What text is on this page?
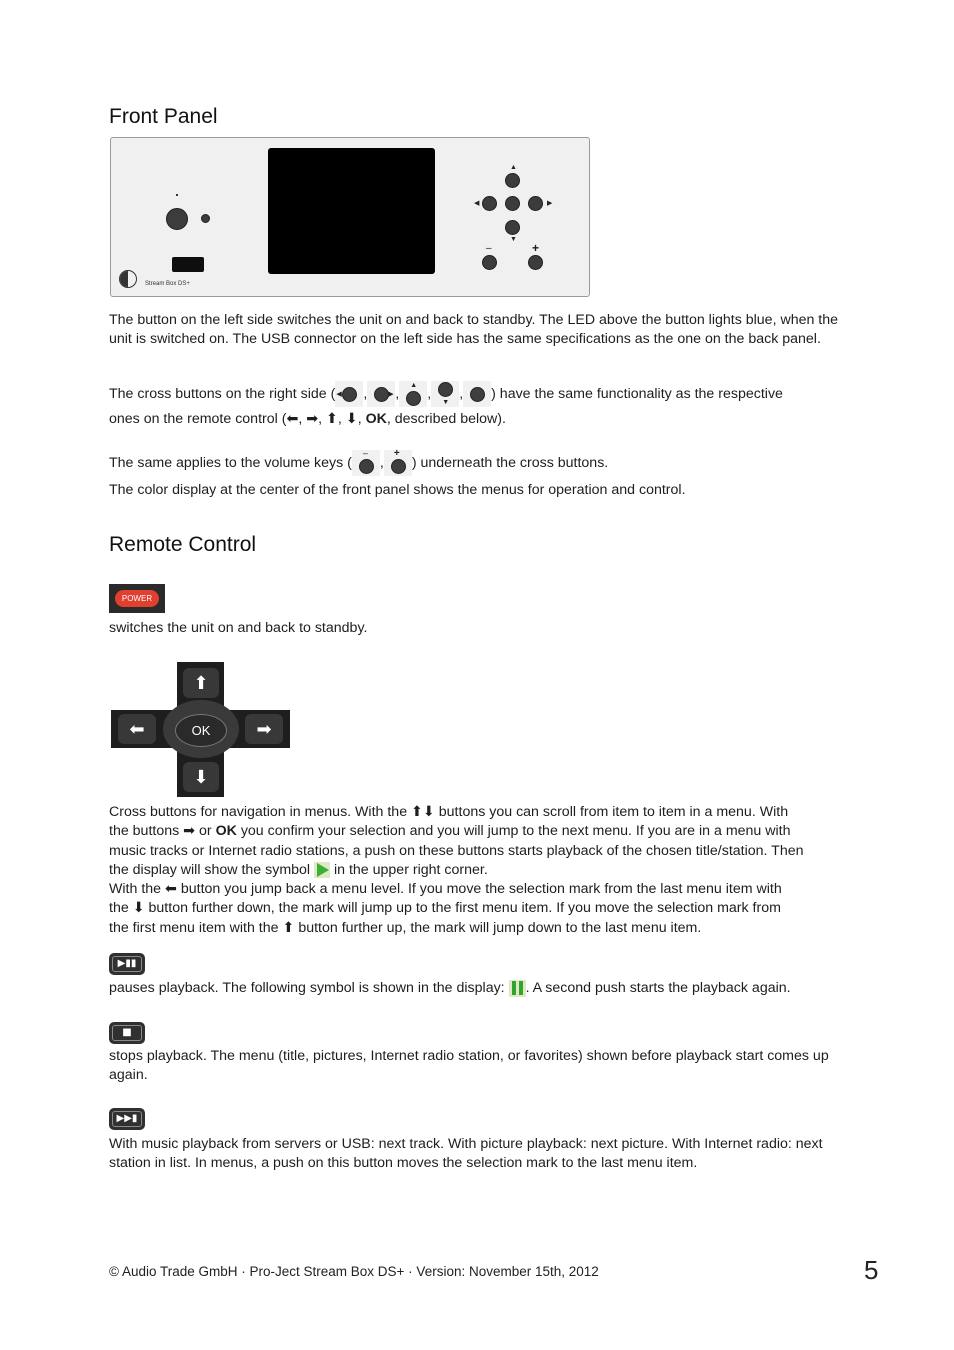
Front Panel
Stream Box DS+
▲
◀	▶
▼
–	+
The button on the left side switches the unit on and back to standby. The LED above the button lights blue, when the unit is switched on. The USB connector on the left side has the same specifications as the one on the back panel.
The cross buttons on the right side ( ◀ ,	▶ ,
▲
,
▼
, ) have the same functionality as the respective
ones on the remote control (⬅, ➡, ⬆, ⬇, OK, described below).
The same applies to the volume keys (
–
,
+
) underneath the cross buttons.
The color display at the center of the front panel shows the menus for operation and control.
Remote Control
POWER
switches the unit on and back to standby.
OK
⬆
⬇
⬅	➡
Cross buttons for navigation in menus. With the ⬆⬇ buttons you can scroll from item to item in a menu. With
the buttons ➡ or OK you confirm your selection and you will jump to the next menu. If you are in a menu with
music tracks or Internet radio stations, a push on these buttons starts playback of the chosen title/station. Then
the display will show the symbol in the upper right corner.
With the ⬅ button you jump back a menu level. If you move the selection mark from the last menu item with
the ⬇ button further down, the mark will jump up to the first menu item. If you move the selection mark from
the first menu item with the ⬆ button further up, the mark will jump down to the last menu item.
▶▮▮
pauses playback. The following symbol is shown in the display: . A second push starts the playback again.
■
stops playback. The menu (title, pictures, Internet radio station, or favorites) shown before playback start comes up again.
▶▶▮
With music playback from servers or USB: next track. With picture playback: next picture. With Internet radio: next station in list. In menus, a push on this button moves the selection mark to the last menu item.
© Audio Trade GmbH · Pro-Ject Stream Box DS+ · Version: November 15th, 2012	5
